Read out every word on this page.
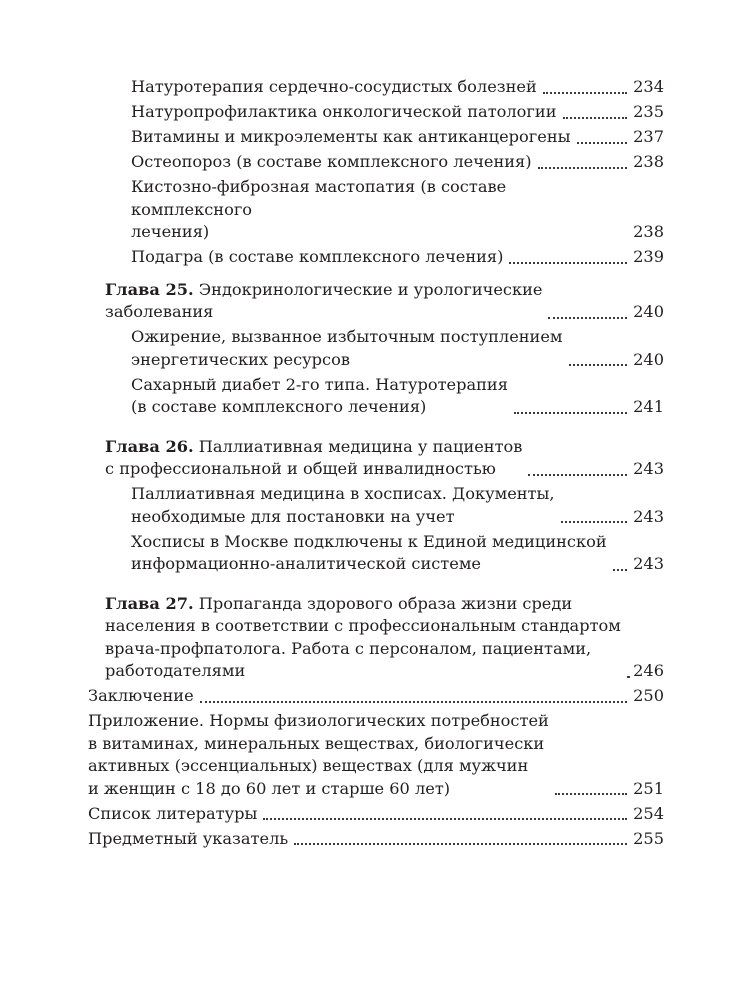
Натуротерапия сердечно-сосудистых болезней	234
Натуропрофилактика онкологической патологии	235
Витамины и микроэлементы как антиканцерогены	237
Остеопороз (в составе комплексного лечения)	238
Кистозно-фиброзная мастопатия (в составе комплексного
лечения)	238
Подагра (в составе комплексного лечения)	239
Глава 25. Эндокринологические и урологические
заболевания	240
Ожирение, вызванное избыточным поступлением
энергетических ресурсов	240
Сахарный диабет 2-го типа. Натуротерапия
(в составе комплексного лечения)	241
Глава 26. Паллиативная медицина у пациентов
с профессиональной и общей инвалидностью	243
Паллиативная медицина в хосписах. Документы,
необходимые для постановки на учет	243
Хосписы в Москве подключены к Единой медицинской
информационно-аналитической системе	243
Глава 27. Пропаганда здорового образа жизни среди
населения в соответствии с профессиональным стандартом
врача-профпатолога. Работа с персоналом, пациентами,
работодателями	246
Заключение	250
Приложение. Нормы физиологических потребностей
в витаминах, минеральных веществах, биологически
активных (эссенциальных) веществах (для мужчин
и женщин с 18 до 60 лет и старше 60 лет)	251
Список литературы	254
Предметный указатель	255
